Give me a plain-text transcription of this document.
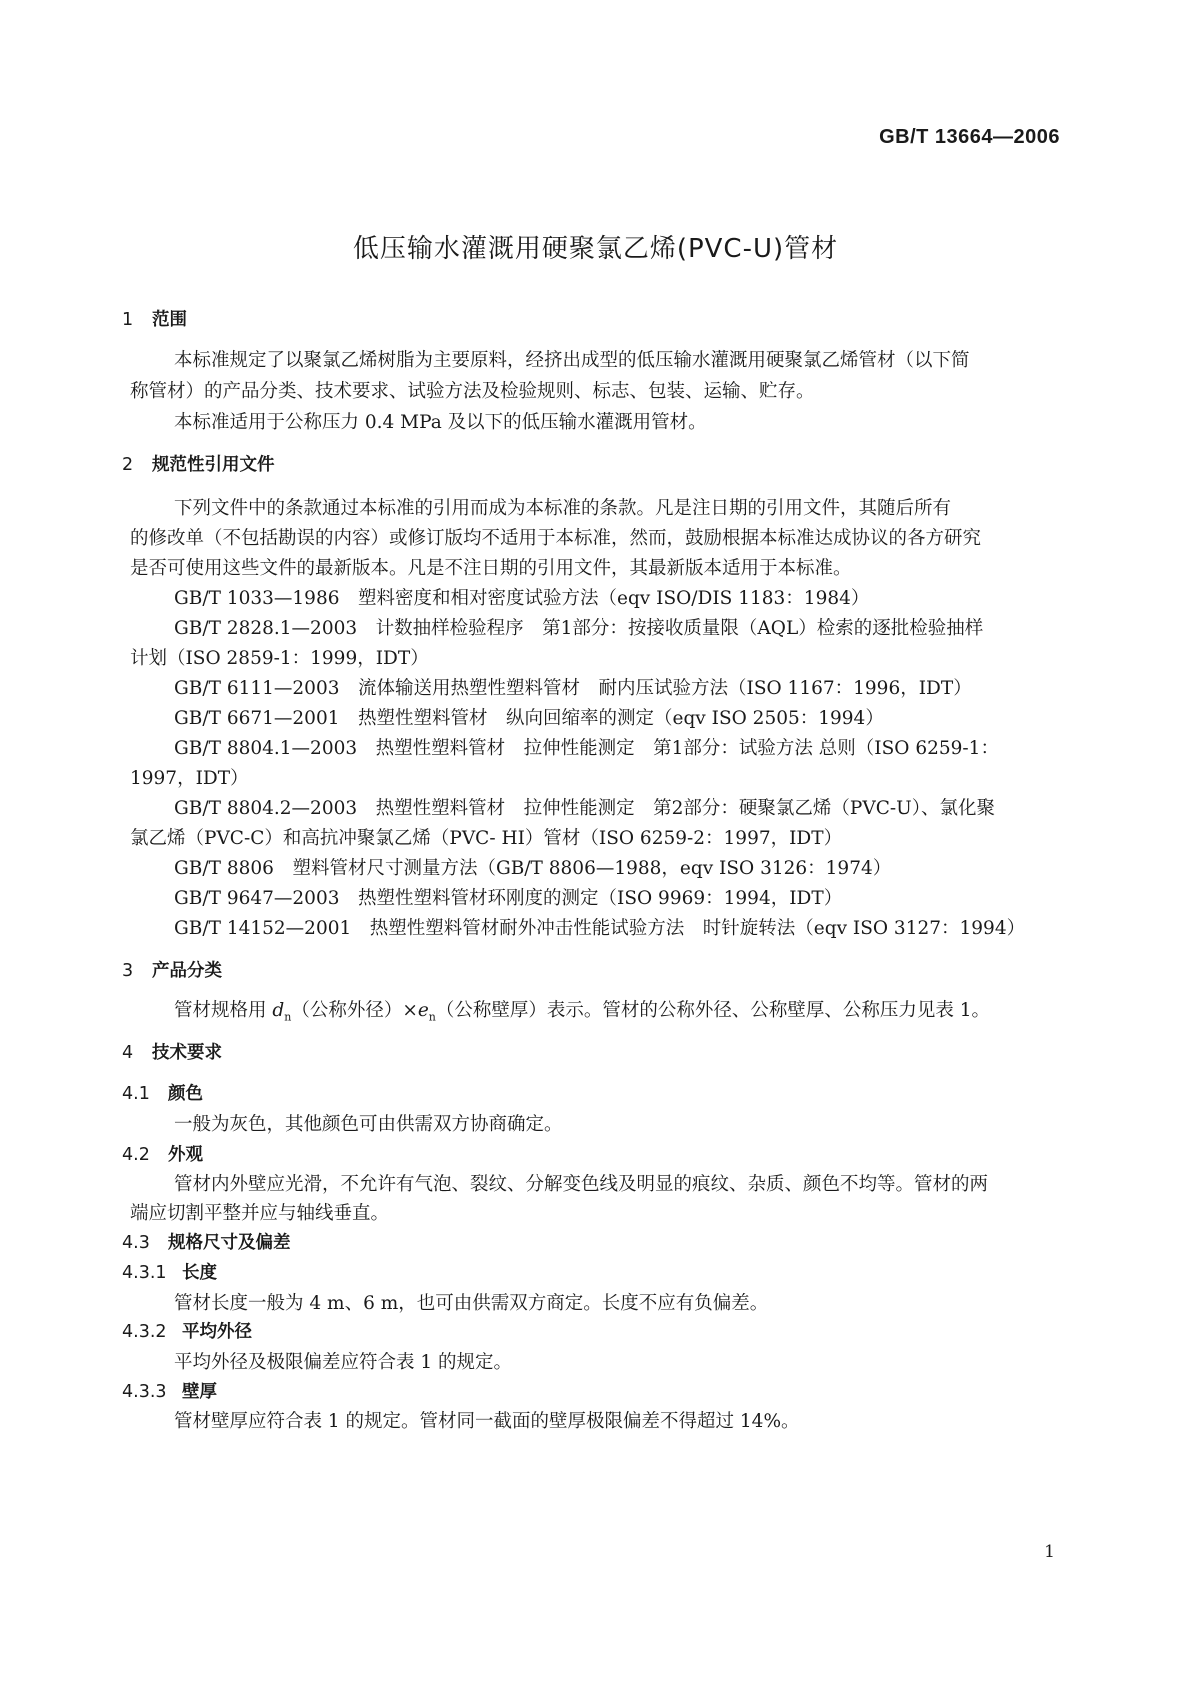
GB/T 13664—2006
低压输水灌溉用硬聚氯乙烯(PVC-U)管材
1 范围
本标准规定了以聚氯乙烯树脂为主要原料，经挤出成型的低压输水灌溉用硬聚氯乙烯管材（以下简
称管材）的产品分类、技术要求、试验方法及检验规则、标志、包装、运输、贮存。
本标准适用于公称压力 0.4 MPa 及以下的低压输水灌溉用管材。
2 规范性引用文件
下列文件中的条款通过本标准的引用而成为本标准的条款。凡是注日期的引用文件，其随后所有
的修改单（不包括勘误的内容）或修订版均不适用于本标准，然而，鼓励根据本标准达成协议的各方研究
是否可使用这些文件的最新版本。凡是不注日期的引用文件，其最新版本适用于本标准。
GB/T 1033—1986　 塑料密度和相对密度试验方法（eqv ISO/DIS 1183：1984）
GB/T 2828.1—2003　 计数抽样检验程序　第1部分：按接收质量限（AQL）检索的逐批检验抽样
计划（ISO 2859-1：1999，IDT）
GB/T 6111—2003　 流体输送用热塑性塑料管材　耐内压试验方法（ISO 1167：1996，IDT）
GB/T 6671—2001　 热塑性塑料管材　纵向回缩率的测定（eqv ISO 2505：1994）
GB/T 8804.1—2003　 热塑性塑料管材　拉伸性能测定　第1部分：试验方法 总则（ISO 6259-1：
1997，IDT）
GB/T 8804.2—2003　 热塑性塑料管材　拉伸性能测定　第2部分：硬聚氯乙烯（PVC-U）、氯化聚
氯乙烯（PVC-C）和高抗冲聚氯乙烯（PVC- HI）管材（ISO 6259-2：1997，IDT）
GB/T 8806　 塑料管材尺寸测量方法（GB/T 8806—1988，eqv ISO 3126：1974）
GB/T 9647—2003　 热塑性塑料管材环刚度的测定（ISO 9969：1994，IDT）
GB/T 14152—2001　 热塑性塑料管材耐外冲击性能试验方法　时针旋转法（eqv ISO 3127：1994）
3 产品分类
管材规格用 $d_n$（公称外径）$\times e_n$（公称壁厚）表示。管材的公称外径、公称壁厚、公称压力见表 1。
4 技术要求
4.1 颜色
一般为灰色，其他颜色可由供需双方协商确定。
4.2 外观
管材内外壁应光滑，不允许有气泡、裂纹、分解变色线及明显的痕纹、杂质、颜色不均等。管材的两
端应切割平整并应与轴线垂直。
4.3 规格尺寸及偏差
4.3.1 长度
管材长度一般为 4 m、6 m，也可由供需双方商定。长度不应有负偏差。
4.3.2 平均外径
平均外径及极限偏差应符合表 1 的规定。
4.3.3 壁厚
管材壁厚应符合表 1 的规定。管材同一截面的壁厚极限偏差不得超过 14%。
1
